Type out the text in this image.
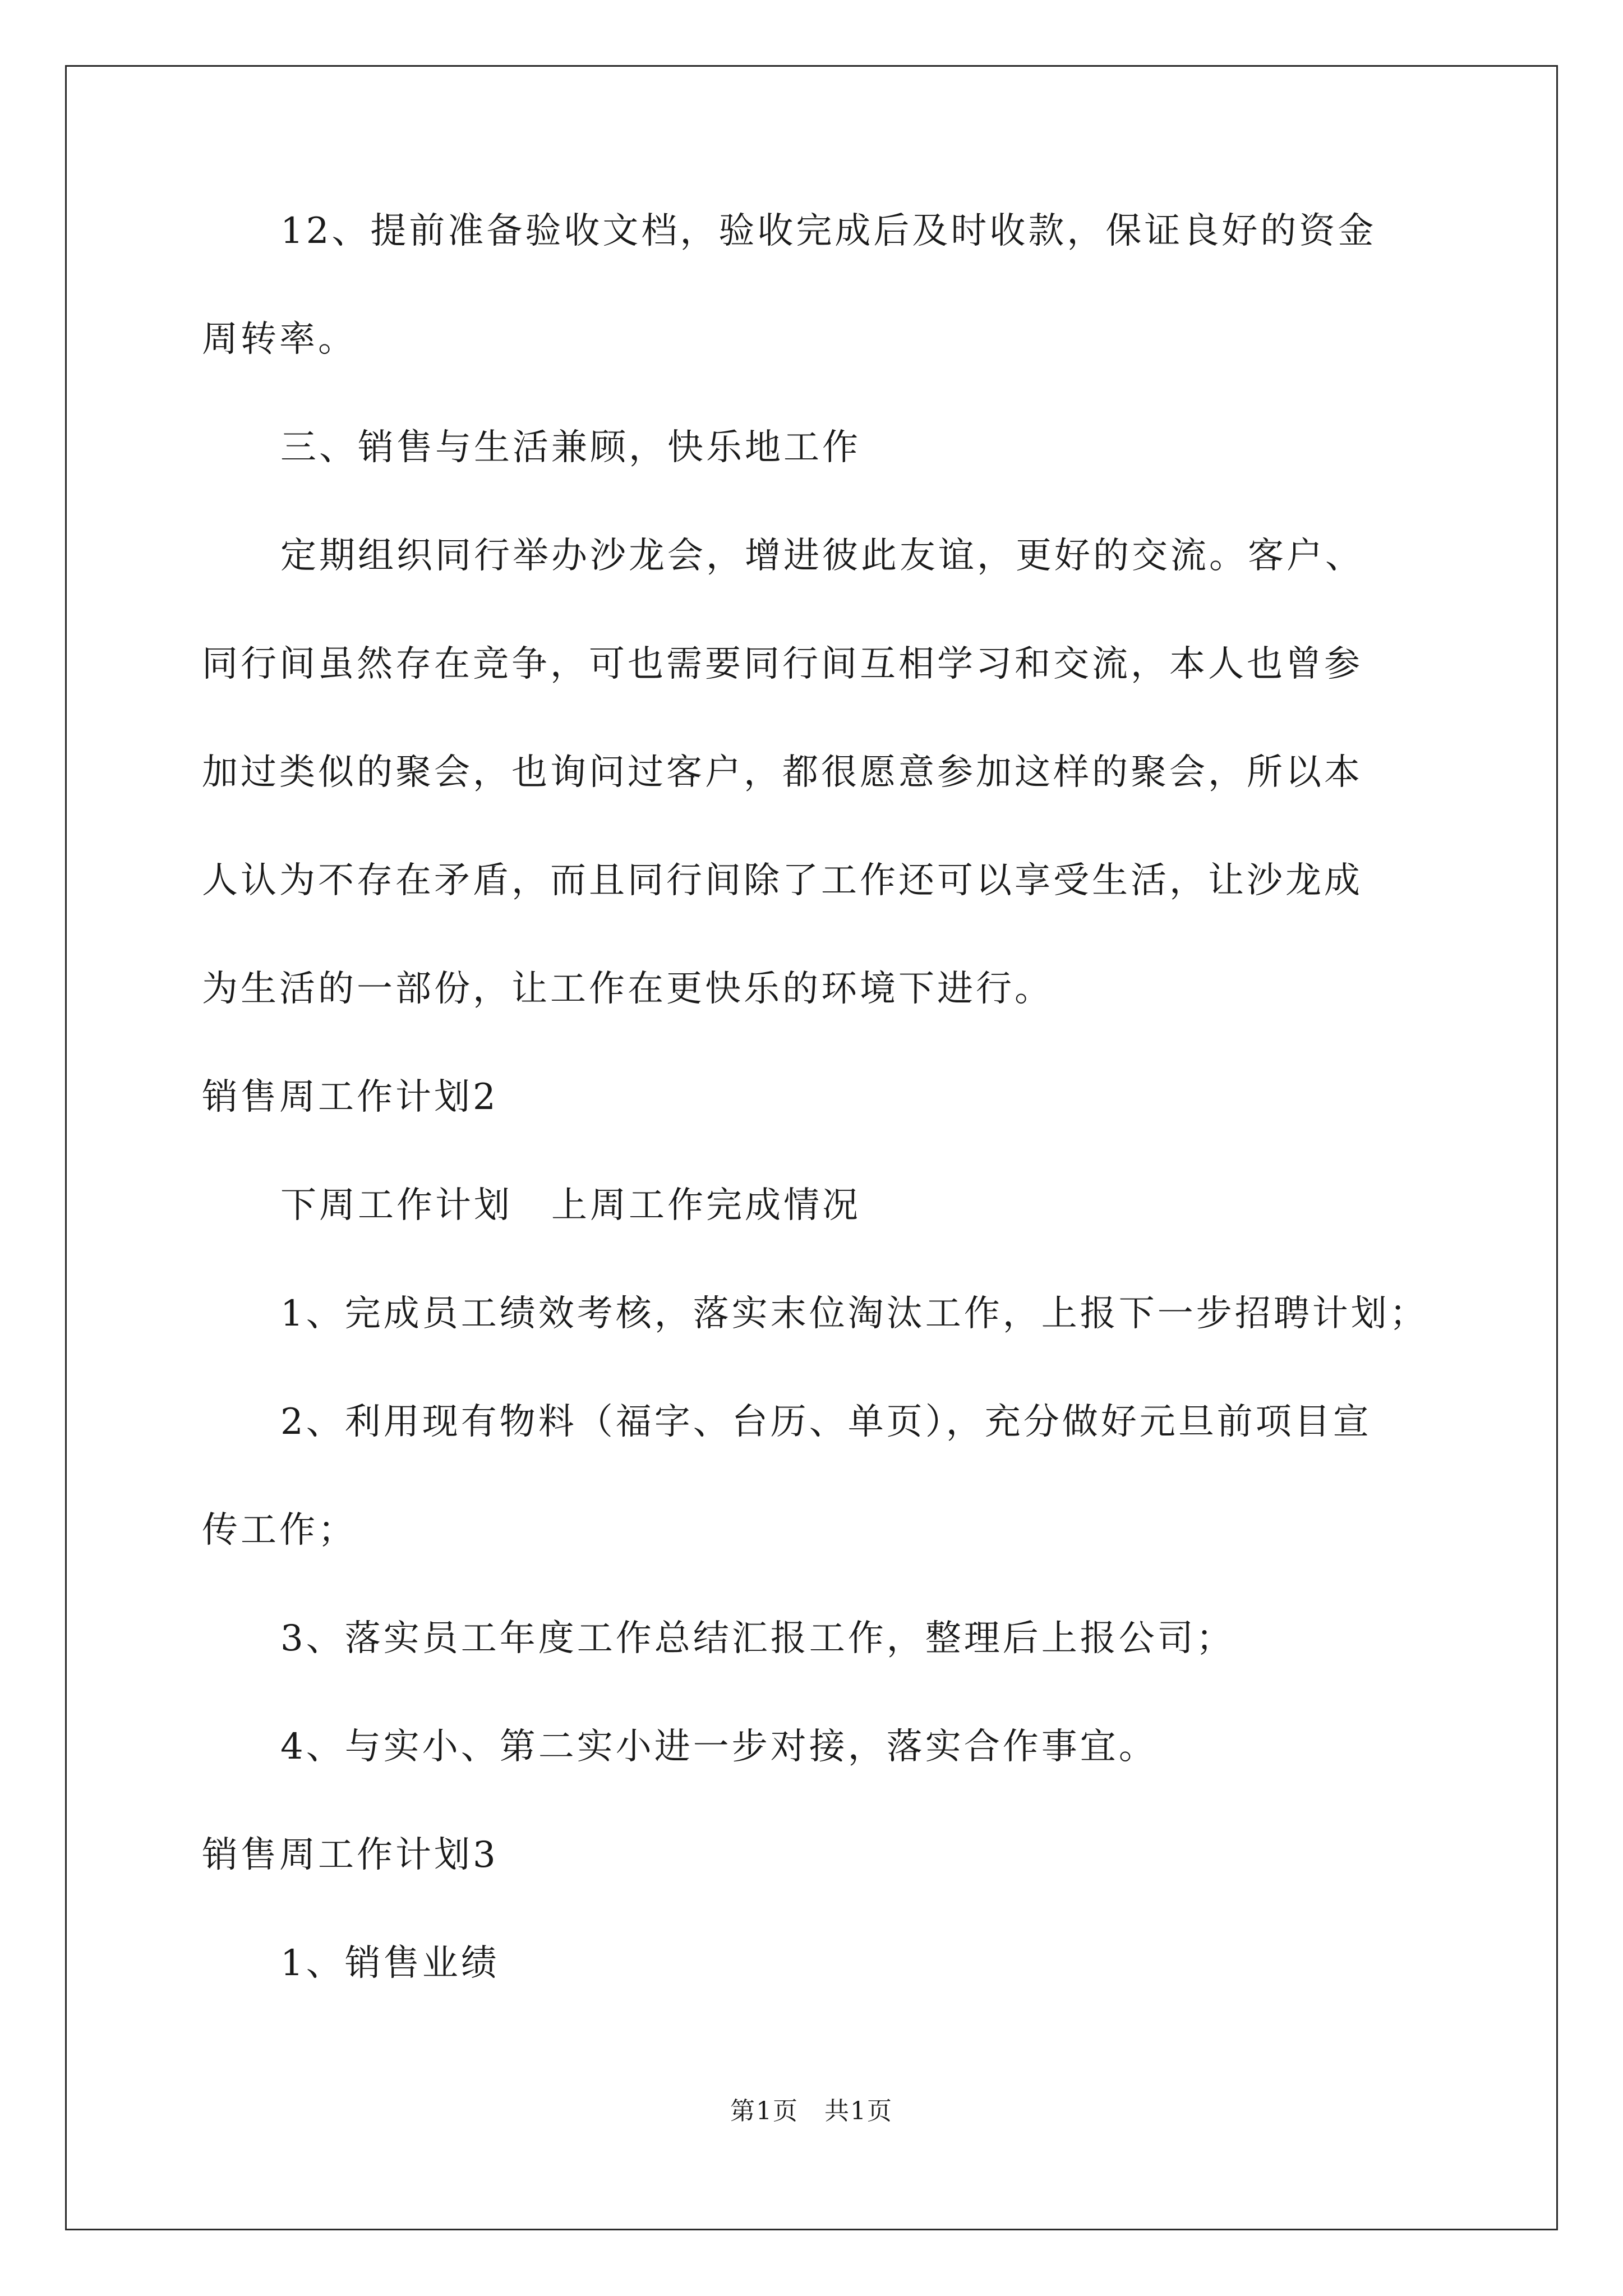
12、提前准备验收文档，验收完成后及时收款，保证良好的资金
周转率。
三、销售与生活兼顾，快乐地工作
定期组织同行举办沙龙会，增进彼此友谊，更好的交流。客户、
同行间虽然存在竞争，可也需要同行间互相学习和交流，本人也曾参
加过类似的聚会，也询问过客户，都很愿意参加这样的聚会，所以本
人认为不存在矛盾，而且同行间除了工作还可以享受生活，让沙龙成
为生活的一部份，让工作在更快乐的环境下进行。
销售周工作计划2
下周工作计划　上周工作完成情况
1、完成员工绩效考核，落实末位淘汰工作，上报下一步招聘计划；
2、利用现有物料（福字、台历、单页），充分做好元旦前项目宣
传工作；
3、落实员工年度工作总结汇报工作，整理后上报公司；
4、与实小、第二实小进一步对接，落实合作事宜。
销售周工作计划3
1、销售业绩
第1页　共1页
